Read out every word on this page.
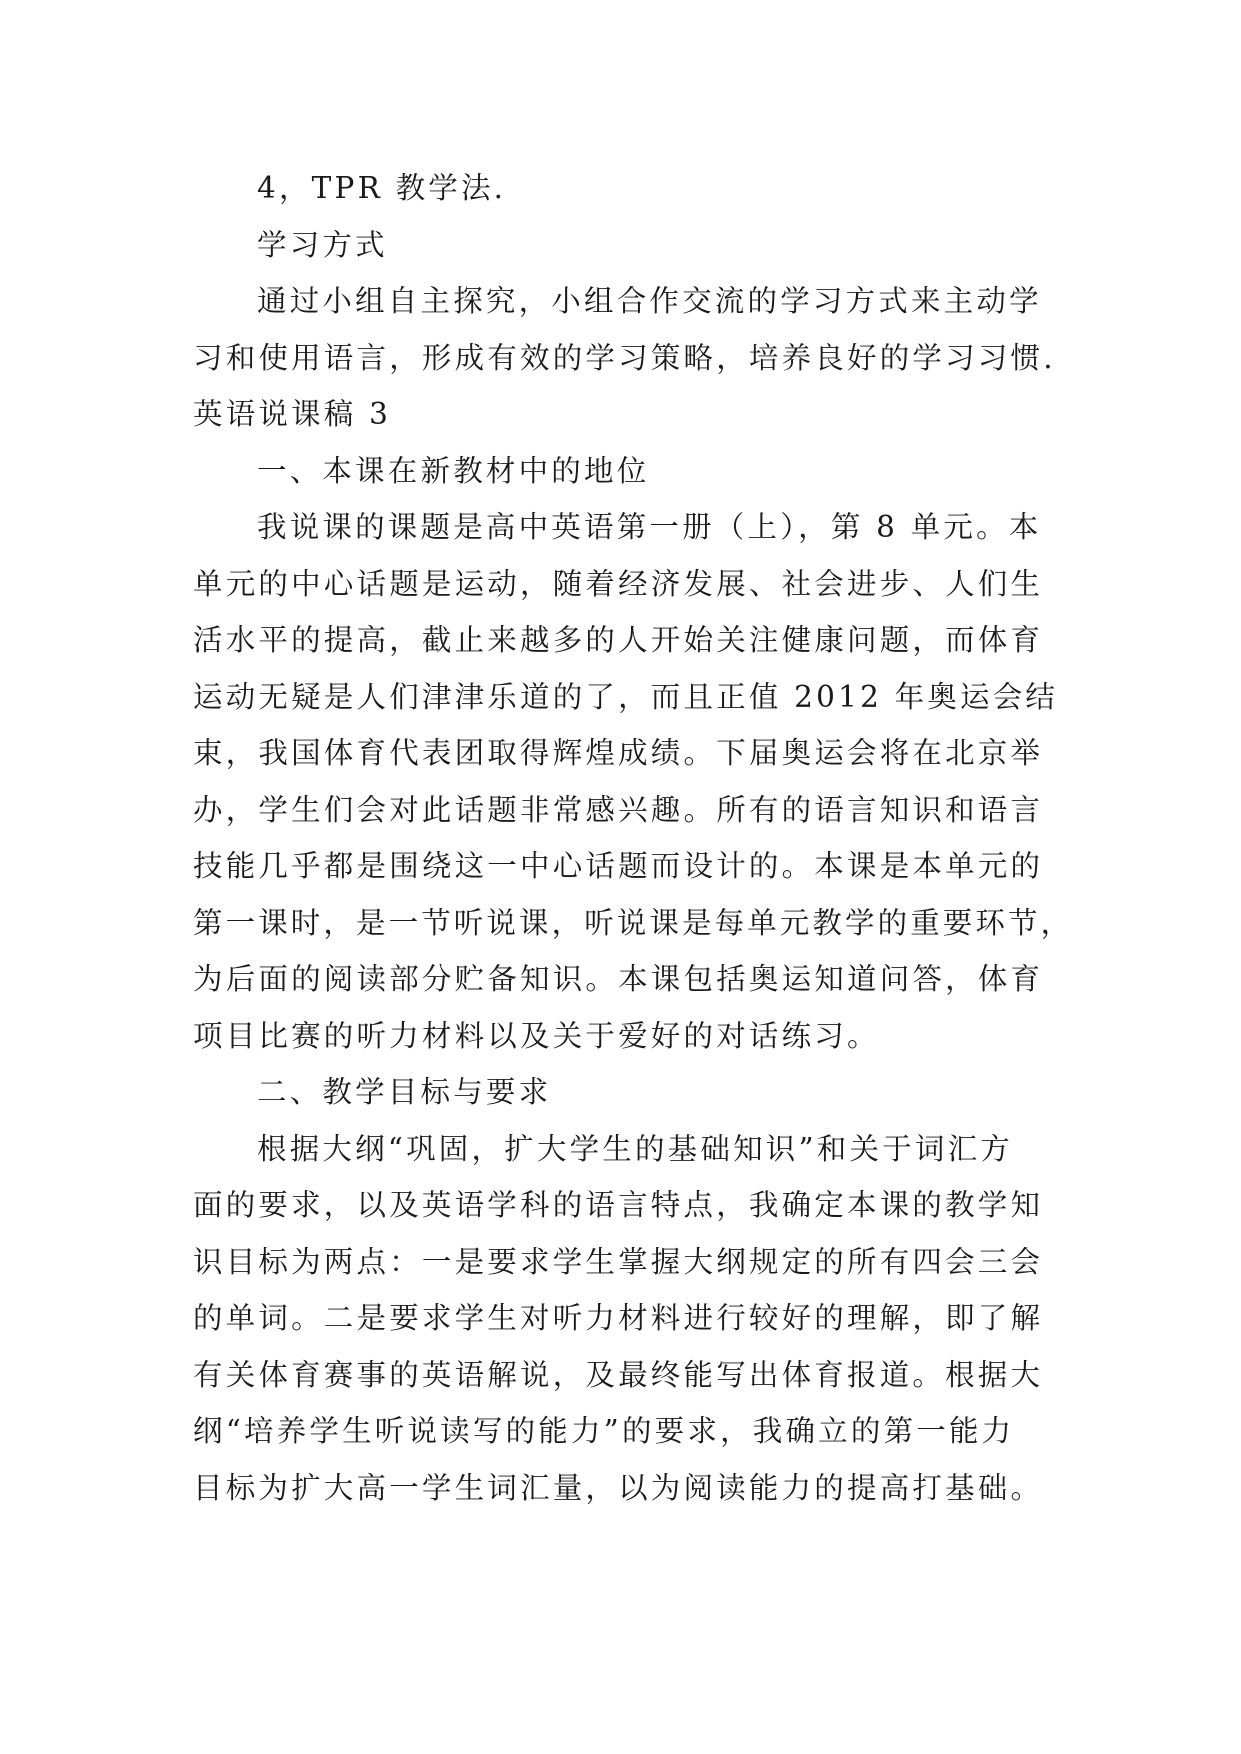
4，TPR 教学法.
学习方式
通过小组自主探究，小组合作交流的学习方式来主动学
习和使用语言，形成有效的学习策略，培养良好的学习习惯.
英语说课稿 3
一、本课在新教材中的地位
我说课的课题是高中英语第一册（上），第 8 单元。本
单元的中心话题是运动，随着经济发展、社会进步、人们生
活水平的提高，截止来越多的人开始关注健康问题，而体育
运动无疑是人们津津乐道的了，而且正值 2012 年奥运会结
束，我国体育代表团取得辉煌成绩。下届奥运会将在北京举
办，学生们会对此话题非常感兴趣。所有的语言知识和语言
技能几乎都是围绕这一中心话题而设计的。本课是本单元的
第一课时，是一节听说课，听说课是每单元教学的重要环节，
为后面的阅读部分贮备知识。本课包括奥运知道问答，体育
项目比赛的听力材料以及关于爱好的对话练习。
二、教学目标与要求
根据大纲“巩固，扩大学生的基础知识”和关于词汇方
面的要求，以及英语学科的语言特点，我确定本课的教学知
识目标为两点：一是要求学生掌握大纲规定的所有四会三会
的单词。二是要求学生对听力材料进行较好的理解，即了解
有关体育赛事的英语解说，及最终能写出体育报道。根据大
纲“培养学生听说读写的能力”的要求，我确立的第一能力
目标为扩大高一学生词汇量，以为阅读能力的提高打基础。
